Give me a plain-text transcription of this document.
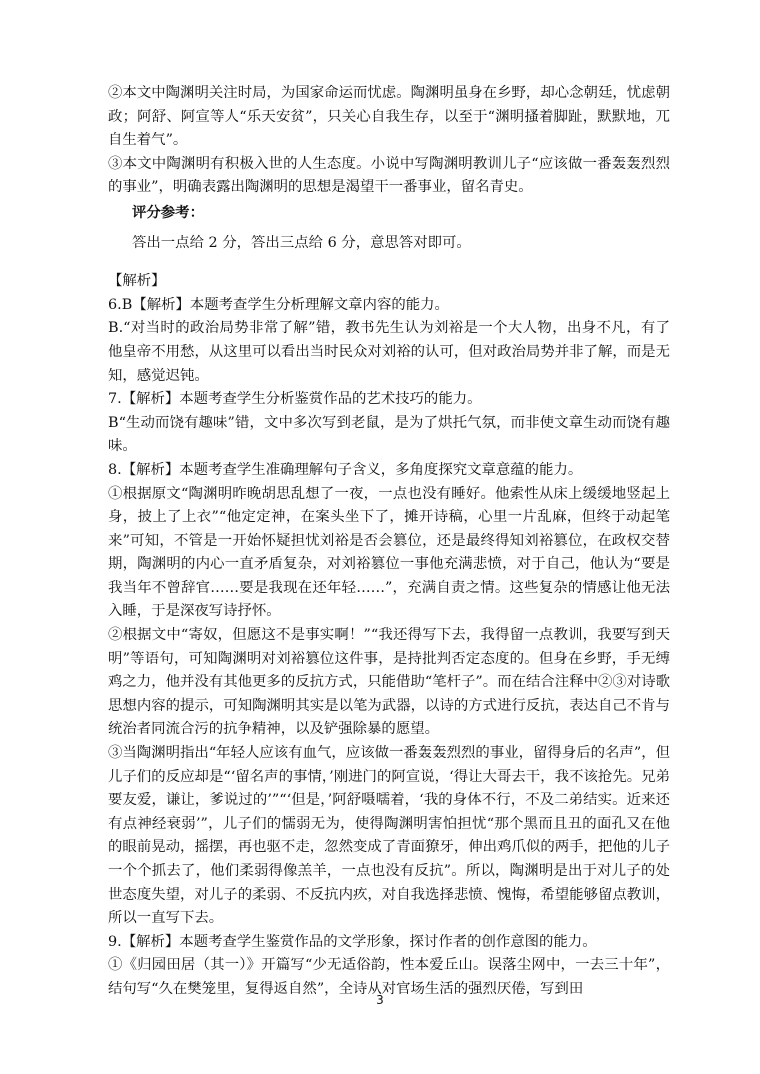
②本文中陶渊明关注时局，为国家命运而忧虑。陶渊明虽身在乡野，却心念朝廷，忧虑朝政；阿舒、阿宣等人“乐天安贫”，只关心自我生存，以至于“渊明搔着脚趾，默默地，兀自生着气”。

③本文中陶渊明有积极入世的人生态度。小说中写陶渊明教训儿子“应该做一番轰轰烈烈的事业”，明确表露出陶渊明的思想是渴望干一番事业，留名青史。

评分参考：

答出一点给 2 分，答出三点给 6 分，意思答对即可。

【解析】

6.B【解析】本题考查学生分析理解文章内容的能力。

B.“对当时的政治局势非常了解”错，教书先生认为刘裕是一个大人物，出身不凡，有了他皇帝不用愁，从这里可以看出当时民众对刘裕的认可，但对政治局势并非了解，而是无知，感觉迟钝。

7.【解析】本题考查学生分析鉴赏作品的艺术技巧的能力。

B“生动而饶有趣味”错，文中多次写到老鼠，是为了烘托气氛，而非使文章生动而饶有趣味。

8.【解析】本题考查学生准确理解句子含义，多角度探究文章意蕴的能力。

①根据原文“陶渊明昨晚胡思乱想了一夜，一点也没有睡好。他索性从床上缓缓地竖起上身，披上了上衣”“他定定神，在案头坐下了，摊开诗稿，心里一片乱麻，但终于动起笔来”可知，不管是一开始怀疑担忧刘裕是否会篡位，还是最终得知刘裕篡位，在政权交替期，陶渊明的内心一直矛盾复杂，对刘裕篡位一事他充满悲愤，对于自己，他认为“要是我当年不曾辞官……要是我现在还年轻……”，充满自责之情。这些复杂的情感让他无法入睡，于是深夜写诗抒怀。

②根据文中“寄奴，但愿这不是事实啊！”“我还得写下去，我得留一点教训，我要写到天明”等语句，可知陶渊明对刘裕篡位这件事，是持批判否定态度的。但身在乡野，手无缚鸡之力，他并没有其他更多的反抗方式，只能借助“笔杆子”。而在结合注释中②③对诗歌思想内容的提示，可知陶渊明其实是以笔为武器，以诗的方式进行反抗，表达自己不肯与统治者同流合污的抗争精神，以及铲强除暴的愿望。

③当陶渊明指出“年轻人应该有血气，应该做一番轰轰烈烈的事业，留得身后的名声”，但儿子们的反应却是“‘留名声的事情，’刚进门的阿宣说，‘得让大哥去干，我不该抢先。兄弟要友爱，谦让，爹说过的’”“‘但是，’阿舒嗫嚅着，‘我的身体不行，不及二弟结实。近来还有点神经衰弱’”，儿子们的懦弱无为，使得陶渊明害怕担忧“那个黑而且丑的面孔又在他的眼前晃动，摇摆，再也驱不走，忽然变成了青面獠牙，伸出鸡爪似的两手，把他的儿子一个个抓去了，他们柔弱得像羔羊，一点也没有反抗”。所以，陶渊明是出于对儿子的处世态度失望，对儿子的柔弱、不反抗内疚，对自我选择悲愤、愧悔，希望能够留点教训，所以一直写下去。

9.【解析】本题考查学生鉴赏作品的文学形象，探讨作者的创作意图的能力。

①《归园田居（其一）》开篇写“少无适俗韵，性本爱丘山。误落尘网中，一去三十年”，结句写“久在樊笼里，复得返自然”，全诗从对官场生活的强烈厌倦，写到田

3
